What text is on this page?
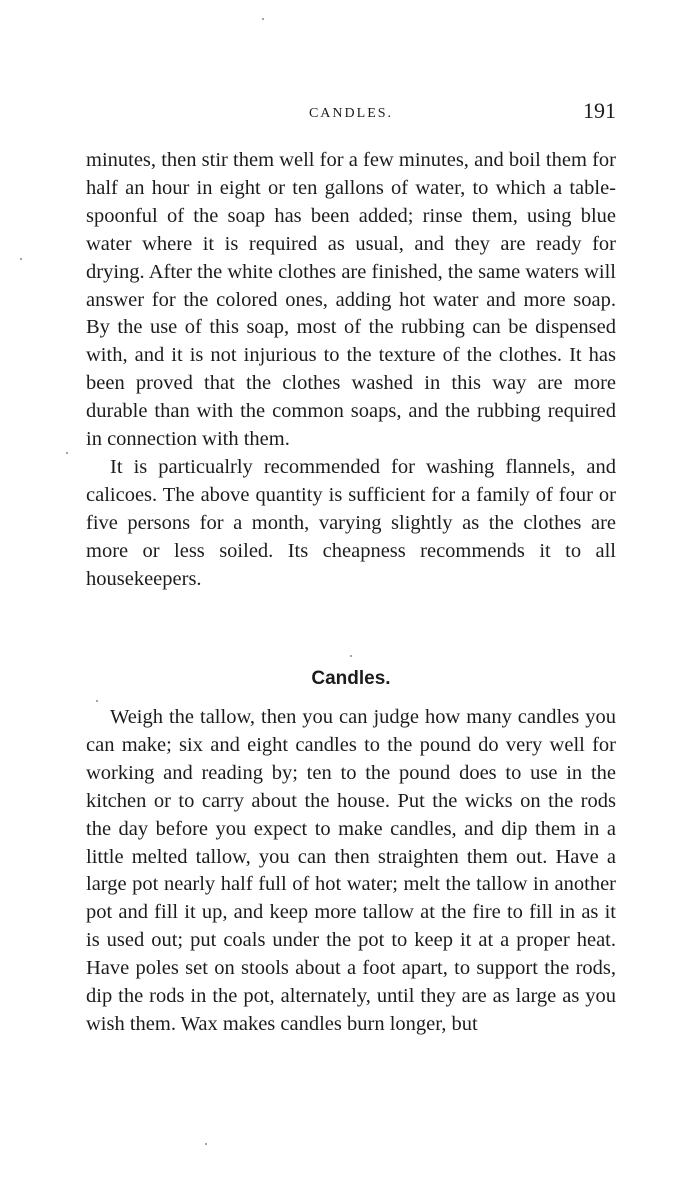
CANDLES.	191

minutes, then stir them well for a few minutes, and boil them for half an hour in eight or ten gallons of water, to which a table-spoonful of the soap has been added; rinse them, using blue water where it is required as usual, and they are ready for drying. After the white clothes are finished, the same waters will answer for the colored ones, adding hot water and more soap. By the use of this soap, most of the rubbing can be dispensed with, and it is not injurious to the texture of the clothes. It has been proved that the clothes washed in this way are more durable than with the common soaps, and the rubbing required in connection with them.

It is particualrly recommended for washing flannels, and calicoes. The above quantity is sufficient for a family of four or five persons for a month, varying slightly as the clothes are more or less soiled. Its cheapness recommends it to all housekeepers.

Candles.

Weigh the tallow, then you can judge how many candles you can make; six and eight candles to the pound do very well for working and reading by; ten to the pound does to use in the kitchen or to carry about the house. Put the wicks on the rods the day before you expect to make candles, and dip them in a little melted tallow, you can then straighten them out. Have a large pot nearly half full of hot water; melt the tallow in another pot and fill it up, and keep more tallow at the fire to fill in as it is used out; put coals under the pot to keep it at a proper heat. Have poles set on stools about a foot apart, to support the rods, dip the rods in the pot, alternately, until they are as large as you wish them. Wax makes candles burn longer, but
